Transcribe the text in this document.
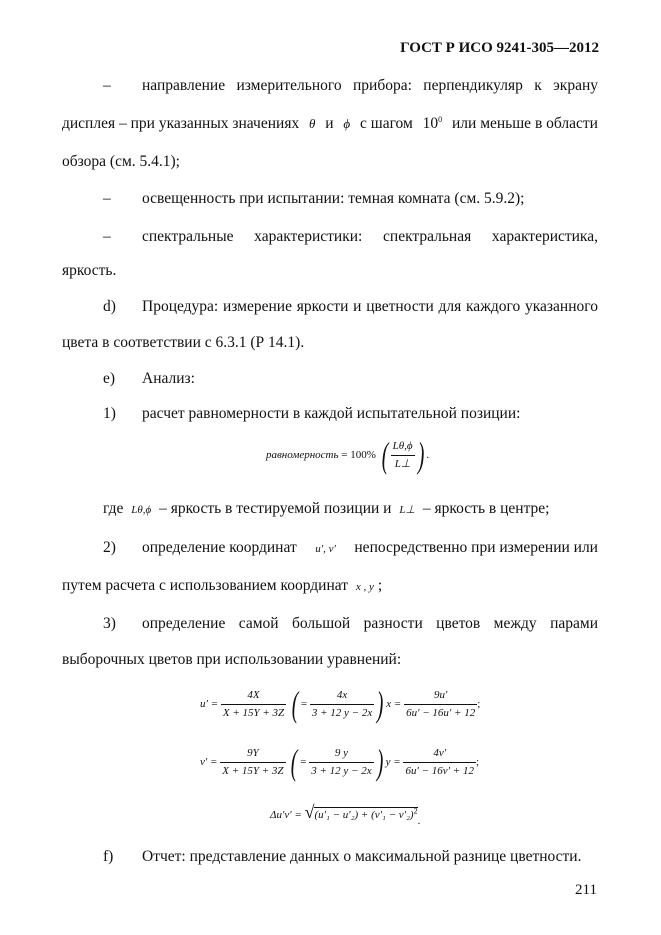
ГОСТ Р ИСО 9241-305—2012
– направление измерительного прибора: перпендикуляр к экрану
дисплея – при указанных значениях θ и ϕ с шагом $10^0$ или меньше в области
обзора (см. 5.4.1);
– освещенность при испытании: темная комната (см. 5.9.2);
– спектральные характеристики: спектральная характеристика,
яркость.
d) Процедура: измерение яркости и цветности для каждого указанного
цвета в соответствии с 6.3.1 (Р 14.1).
e) Анализ:
1) расчет равномерности в каждой испытательной позиции:
равномерность = 100% ( $\frac{L\theta,\phi}{L\perp}$ ) .
где Lθ,ϕ – яркость в тестируемой позиции и L⊥ – яркость в центре;
2) определение координат u′, v′ непосредственно при измерении или
путем расчета с использованием координат x , y ;
3) определение самой большой разности цветов между парами
выборочных цветов при использовании уравнений:
$u' = \frac{4X}{X + 15Y + 3Z}$ ( = $\frac{4x}{3 + 12 y - 2x}$ ) $x = \frac{9u'}{6u' - 16u' + 12}$ ;
$v' = \frac{9Y}{X + 15Y + 3Z}$ ( = $\frac{9 y}{3 + 12 y - 2x}$ ) $y = \frac{4v'}{6u' - 16v' + 12}$ ;
$\Delta u'v' = √(u'_1 - u'_2) + (v'_1 - v'_2)^2$.
f) Отчет: представление данных о максимальной разнице цветности.
211
